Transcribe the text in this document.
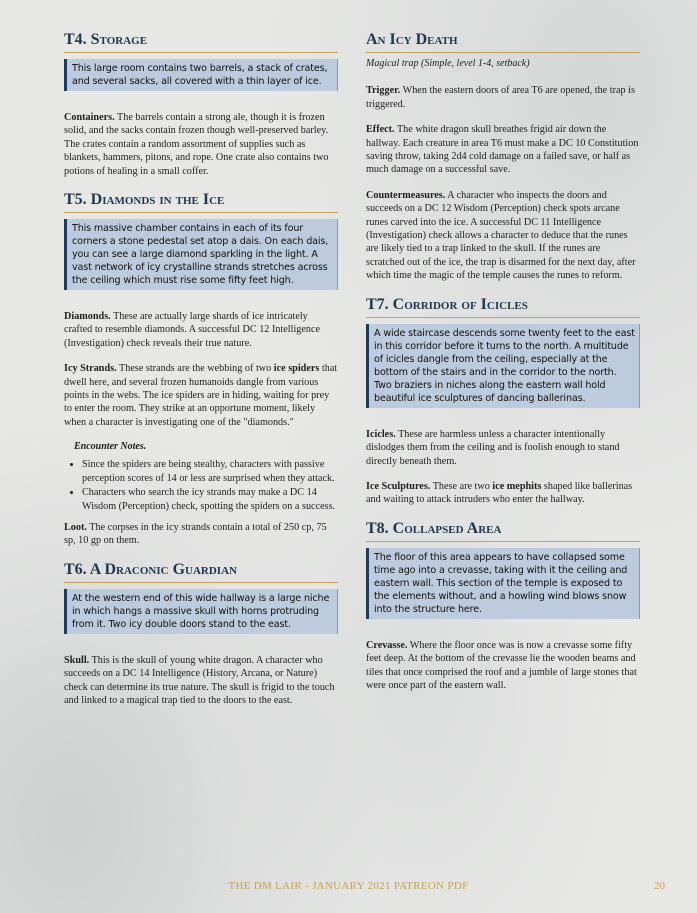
T4. Storage
This large room contains two barrels, a stack of crates, and several sacks, all covered with a thin layer of ice.

Containers. The barrels contain a strong ale, though it is frozen solid, and the sacks contain frozen though well-preserved barley. The crates contain a random assortment of supplies such as blankets, hammers, pitons, and rope. One crate also contains two potions of healing in a small coffer.

T5. Diamonds in the Ice
This massive chamber contains in each of its four corners a stone pedestal set atop a dais. On each dais, you can see a large diamond sparkling in the light. A vast network of icy crystalline strands stretches across the ceiling which must rise some fifty feet high.

Diamonds. These are actually large shards of ice intricately crafted to resemble diamonds. A successful DC 12 Intelligence (Investigation) check reveals their true nature.

Icy Strands. These strands are the webbing of two ice spiders that dwell here, and several frozen humanoids dangle from various points in the webs. The ice spiders are in hiding, waiting for prey to enter the room. They strike at an opportune moment, likely when a character is investigating one of the "diamonds."

Encounter Notes.
• Since the spiders are being stealthy, characters with passive perception scores of 14 or less are surprised when they attack.
• Characters who search the icy strands may make a DC 14 Wisdom (Perception) check, spotting the spiders on a success.

Loot. The corpses in the icy strands contain a total of 250 cp, 75 sp, 10 gp on them.

T6. A Draconic Guardian
At the western end of this wide hallway is a large niche in which hangs a massive skull with horns protruding from it. Two icy double doors stand to the east.

Skull. This is the skull of young white dragon. A character who succeeds on a DC 14 Intelligence (History, Arcana, or Nature) check can determine its true nature. The skull is frigid to the touch and linked to a magical trap tied to the doors to the east.

An Icy Death

Magical trap (Simple, level 1-4, setback)

Trigger. When the eastern doors of area T6 are opened, the trap is triggered.

Effect. The white dragon skull breathes frigid air down the hallway. Each creature in area T6 must make a DC 10 Constitution saving throw, taking 2d4 cold damage on a failed save, or half as much damage on a successful save.

Countermeasures. A character who inspects the doors and succeeds on a DC 12 Wisdom (Perception) check spots arcane runes carved into the ice. A successful DC 11 Intelligence (Investigation) check allows a character to deduce that the runes are likely tied to a trap linked to the skull. If the runes are scratched out of the ice, the trap is disarmed for the next day, after which time the magic of the temple causes the runes to reform.

T7. Corridor of Icicles
A wide staircase descends some twenty feet to the east in this corridor before it turns to the north. A multitude of icicles dangle from the ceiling, especially at the bottom of the stairs and in the corridor to the north. Two braziers in niches along the eastern wall hold beautiful ice sculptures of dancing ballerinas.

Icicles. These are harmless unless a character intentionally dislodges them from the ceiling and is foolish enough to stand directly beneath them.

Ice Sculptures. These are two ice mephits shaped like ballerinas and waiting to attack intruders who enter the hallway.

T8. Collapsed Area
The floor of this area appears to have collapsed some time ago into a crevasse, taking with it the ceiling and eastern wall. This section of the temple is exposed to the elements without, and a howling wind blows snow into the structure here.

Crevasse. Where the floor once was is now a crevasse some fifty feet deep. At the bottom of the crevasse lie the wooden beams and tiles that once comprised the roof and a jumble of large stones that were once part of the eastern wall.

THE DM LAIR - JANUARY 2021 PATREON PDF	20
